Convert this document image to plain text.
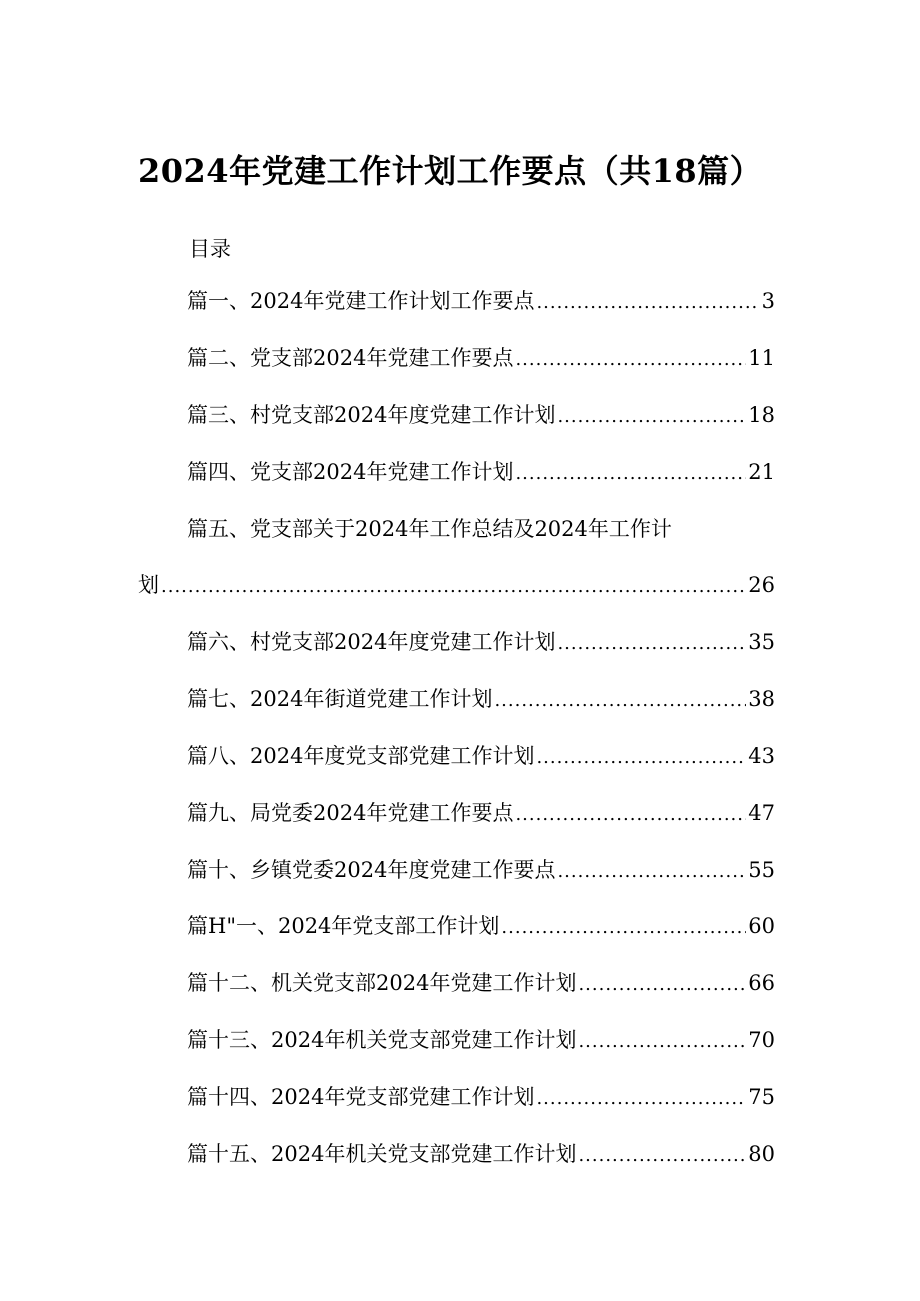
2024年党建工作计划工作要点（共18篇）
目录
篇一、2024年党建工作计划工作要点 .....	3
篇二、党支部2024年党建工作要点 .....	11
篇三、村党支部2024年度党建工作计划 .....	18
篇四、党支部2024年党建工作计划 .....	21
篇五、党支部关于2024年工作总结及2024年工作计
划 .....	26
篇六、村党支部2024年度党建工作计划 .....	35
篇七、2024年街道党建工作计划 .....	38
篇八、2024年度党支部党建工作计划 .....	43
篇九、局党委2024年党建工作要点 .....	47
篇十、乡镇党委2024年度党建工作要点 .....	55
篇H"一、2024年党支部工作计划 .....	60
篇十二、机关党支部2024年党建工作计划 .....	66
篇十三、2024年机关党支部党建工作计划 .....	70
篇十四、2024年党支部党建工作计划 .....	75
篇十五、2024年机关党支部党建工作计划 .....	80
